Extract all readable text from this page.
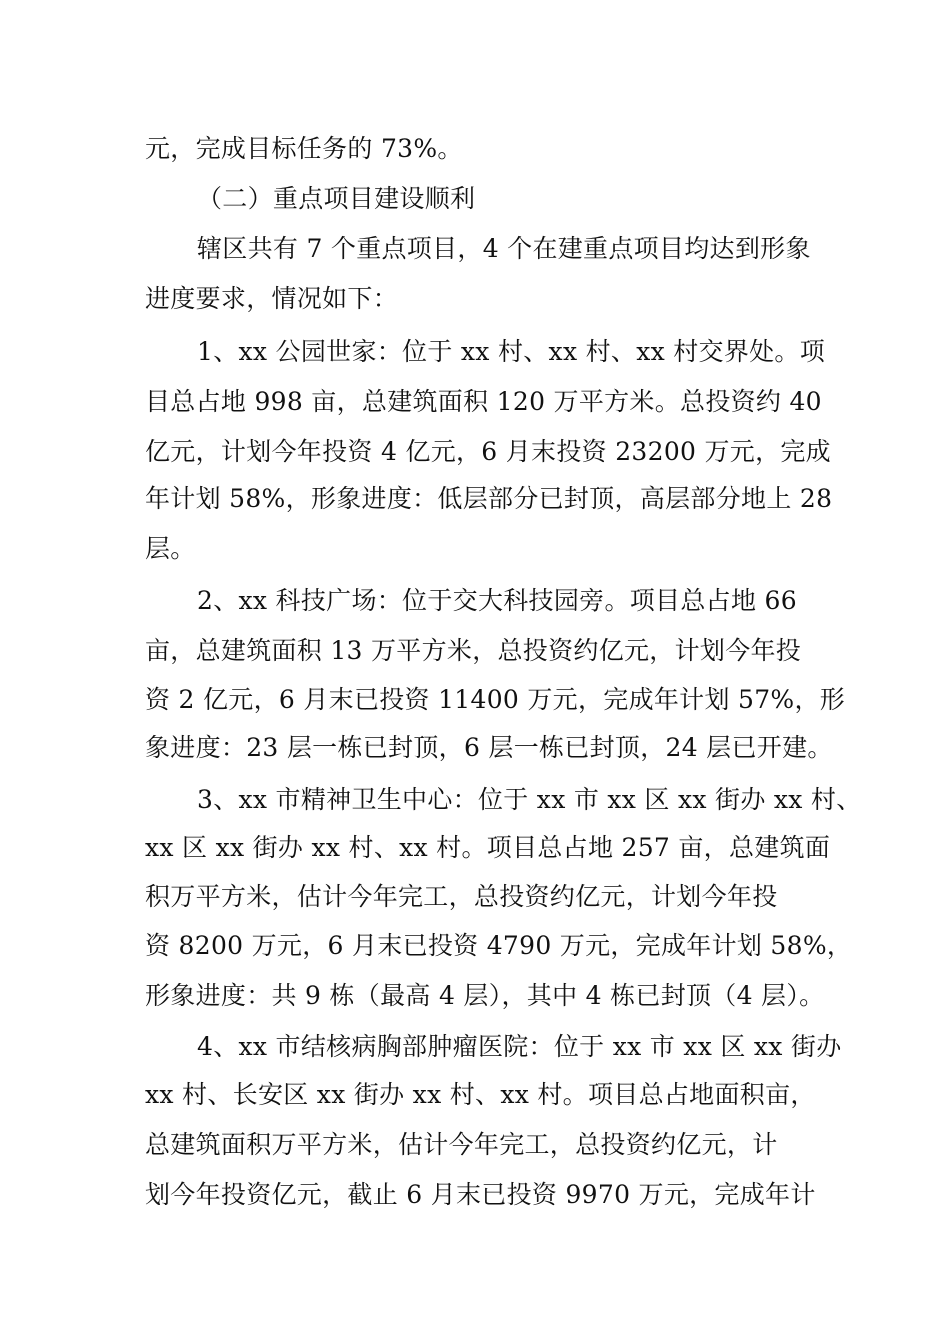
元，完成目标任务的 73%。
（二）重点项目建设顺利
辖区共有 7 个重点项目，4 个在建重点项目均达到形象
进度要求，情况如下：
1、xx 公园世家：位于 xx 村、xx 村、xx 村交界处。项
目总占地 998 亩，总建筑面积 120 万平方米。总投资约 40
亿元，计划今年投资 4 亿元，6 月末投资 23200 万元，完成
年计划 58%，形象进度：低层部分已封顶，高层部分地上 28
层。
2、xx 科技广场：位于交大科技园旁。项目总占地 66
亩，总建筑面积 13 万平方米，总投资约亿元，计划今年投
资 2 亿元，6 月末已投资 11400 万元，完成年计划 57%，形
象进度：23 层一栋已封顶，6 层一栋已封顶，24 层已开建。
3、xx 市精神卫生中心：位于 xx 市 xx 区 xx 街办 xx 村、
xx 区 xx 街办 xx 村、xx 村。项目总占地 257 亩，总建筑面
积万平方米，估计今年完工，总投资约亿元，计划今年投
资 8200 万元，6 月末已投资 4790 万元，完成年计划 58%，
形象进度：共 9 栋（最高 4 层），其中 4 栋已封顶（4 层）。
4、xx 市结核病胸部肿瘤医院：位于 xx 市 xx 区 xx 街办
xx 村、长安区 xx 街办 xx 村、xx 村。项目总占地面积亩，
总建筑面积万平方米，估计今年完工，总投资约亿元，计
划今年投资亿元，截止 6 月末已投资 9970 万元，完成年计
